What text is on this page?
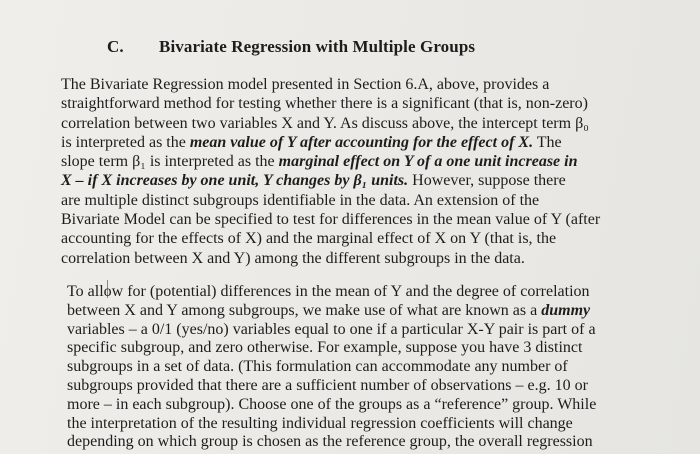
C. Bivariate Regression with Multiple Groups
The Bivariate Regression model presented in Section 6.A, above, provides a
straightforward method for testing whether there is a significant (that is, non-zero)
correlation between two variables X and Y. As discuss above, the intercept term β₀
is interpreted as the mean value of Y after accounting for the effect of X. The
slope term β₁ is interpreted as the marginal effect on Y of a one unit increase in
X – if X increases by one unit, Y changes by β₁ units. However, suppose there
are multiple distinct subgroups identifiable in the data. An extension of the
Bivariate Model can be specified to test for differences in the mean value of Y (after
accounting for the effects of X) and the marginal effect of X on Y (that is, the
correlation between X and Y) among the different subgroups in the data.
To allow for (potential) differences in the mean of Y and the degree of correlation
between X and Y among subgroups, we make use of what are known as a dummy
variables – a 0/1 (yes/no) variables equal to one if a particular X-Y pair is part of a
specific subgroup, and zero otherwise. For example, suppose you have 3 distinct
subgroups in a set of data. (This formulation can accommodate any number of
subgroups provided that there are a sufficient number of observations – e.g. 10 or
more – in each subgroup). Choose one of the groups as a “reference” group. While
the interpretation of the resulting individual regression coefficients will change
depending on which group is chosen as the reference group, the overall regression
